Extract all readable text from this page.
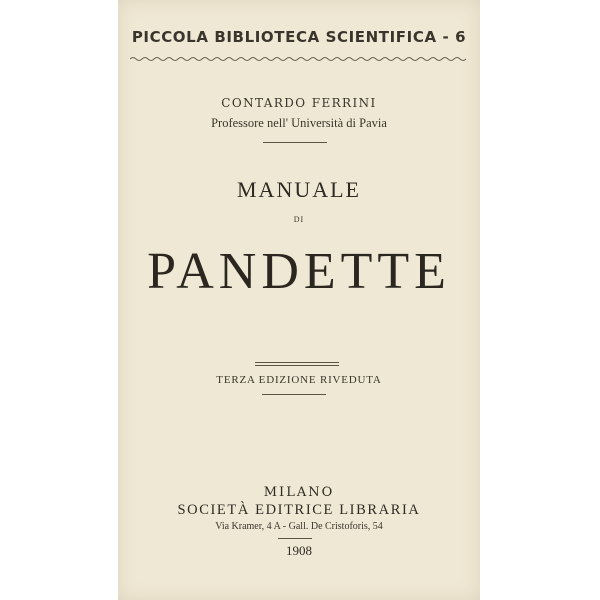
PICCOLA BIBLIOTECA SCIENTIFICA - 6
CONTARDO FERRINI
Professore nell' Università di Pavia
MANUALE
DI
PANDETTE
TERZA EDIZIONE RIVEDUTA
MILANO
SOCIETÀ EDITRICE LIBRARIA
Via Kramer, 4 A - Gall. De Cristoforis, 54
1908
